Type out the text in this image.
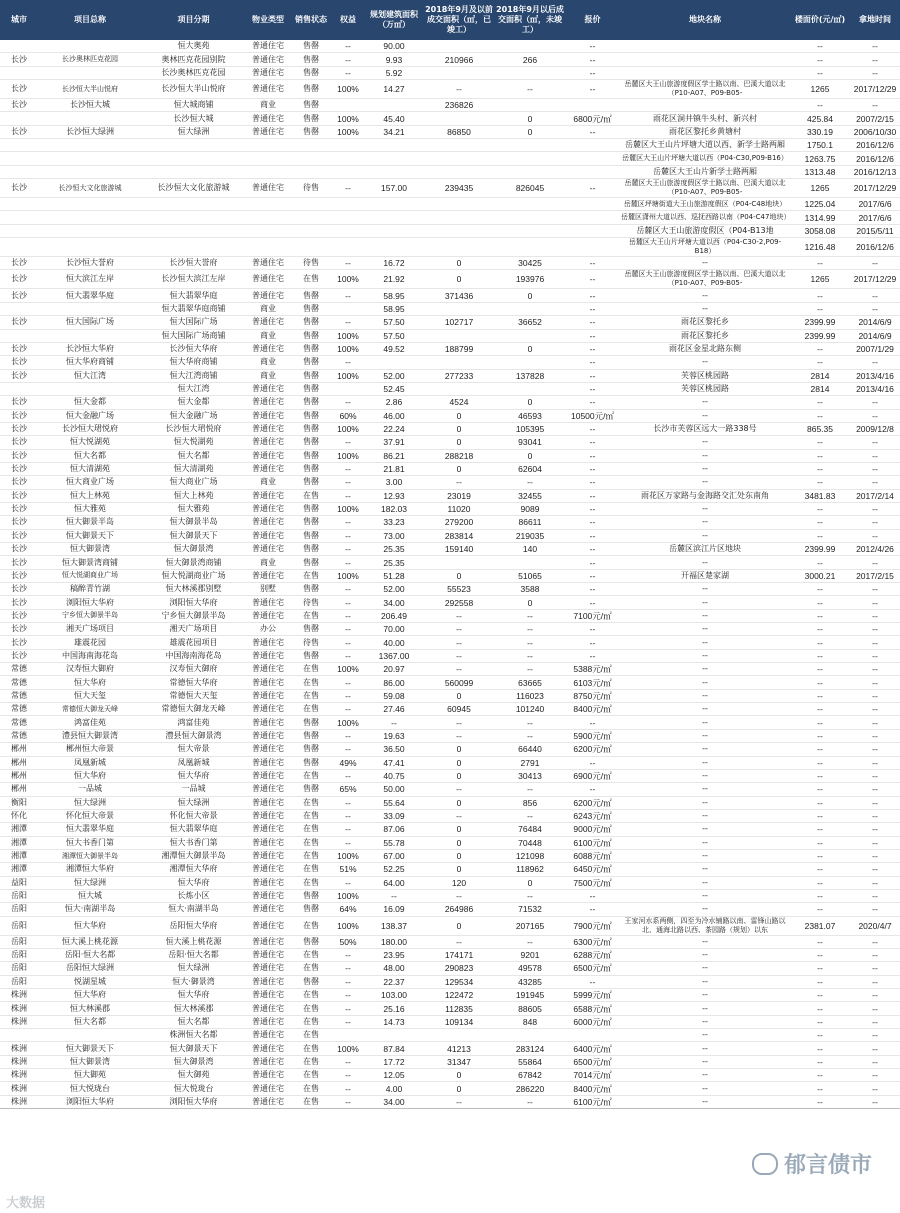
城市	项目总称	项目分期	物业类型	销售状态	权益	规划建筑面积（万㎡）	2018年9月及以前成交面积（㎡，已竣工）	2018年9月以后成交面积（㎡，未竣工）	报价	地块名称	楼面价(元/㎡)	拿地时间
		恒大奥苑	普通住宅	售罄	--	90.00			--		--	--
长沙	长沙奥林匹克花园	奥林匹克花园别院	普通住宅	售罄	--	9.93	210966	266	--		--	--
		长沙奥林匹克花园	普通住宅	售罄	--	5.92			--		--	--
长沙	长沙恒大半山悦府	长沙恒大半山悦府	普通住宅	售罄	100%	14.27	--	--	--	岳麓区大王山旅游度假区学士路以南、巴溪大道以北（P10-A07、P09-B05-	1265	2017/12/29
长沙	长沙恒大城	恒大城商铺	商业	售罄			236826				--	--
		长沙恒大城	普通住宅	售罄	100%	45.40		0	6800元/㎡	雨花区洞井镇牛头村、新兴村	425.84	2007/2/15
长沙	长沙恒大绿洲	恒大绿洲	普通住宅	售罄	100%	34.21	86850	0	--	雨花区黎托乡黄塘村	330.19	2006/10/30
										岳麓区大王山片坪塘大道以西、新学士路两厢	1750.1	2016/12/6
										岳麓区大王山片坪塘大道以西（P04-C30,P09-B16）	1263.75	2016/12/6
										岳麓区大王山片新学士路两厢	1313.48	2016/12/13
长沙	长沙恒大文化旅游城	长沙恒大文化旅游城	普通住宅	待售	--	157.00	239435	826045	--	岳麓区大王山旅游度假区学士路以南、巴溪大道以北（P10-A07、P09-B05-	1265	2017/12/29
										岳麓区坪塘街道大王山旅游度假区（P04-C48地块）	1225.04	2017/6/6
										岳麓区潇州大道以西、巡抚西路以南（P04-C47地块）	1314.99	2017/6/6
										岳麓区大王山旅游度假区（P04-B13地	3058.08	2015/5/11
										岳麓区大王山片坪塘大道以西（P04-C30-2,P09-B18）	1216.48	2016/12/6
长沙	长沙恒大誉府	长沙恒大誉府	普通住宅	待售	--	16.72	0	30425	--	--	--	--
长沙	恒大滨江左岸	长沙恒大滨江左岸	普通住宅	在售	100%	21.92	0	193976	--	岳麓区大王山旅游度假区学士路以南、巴溪大道以北（P10-A07、P09-B05-	1265	2017/12/29
长沙	恒大翡翠华庭	恒大翡翠华庭	普通住宅	售罄	--	58.95	371436	0	--	--	--	--
		恒大翡翠华庭商铺	商业	售罄		58.95			--	--	--	--
长沙	恒大国际广场	恒大国际广场	普通住宅	售罄	--	57.50	102717	36652	--	雨花区黎托乡	2399.99	2014/6/9
		恒大国际广场商铺	商业	售罄	100%	57.50			--	雨花区黎托乡	2399.99	2014/6/9
长沙	长沙恒大华府	长沙恒大华府	普通住宅	售罄	100%	49.52	188799	0	--	雨花区金星北路东侧	--	2007/1/29
长沙	恒大华府商铺	恒大华府商铺	商业	售罄	--				--	--	--	--
长沙	恒大江湾	恒大江湾商铺	商业	售罄	100%	52.00	277233	137828	--	芙蓉区桃园路	2814	2013/4/16
		恒大江湾	普通住宅	售罄		52.45			--	芙蓉区桃园路	2814	2013/4/16
长沙	恒大金都	恒大金都	普通住宅	售罄	--	2.86	4524	0	--	--	--	--
长沙	恒大金融广场	恒大金融广场	普通住宅	售罄	60%	46.00	0	46593	10500元/㎡	--	--	--
长沙	长沙恒大珺悦府	长沙恒大珺悦府	普通住宅	售罄	100%	22.24	0	105395	--	长沙市芙蓉区远大一路338号	865.35	2009/12/8
长沙	恒大悦湖苑	恒大悦湖苑	普通住宅	售罄	--	37.91	0	93041	--	--	--	--
长沙	恒大名都	恒大名都	普通住宅	售罄	100%	86.21	288218	0	--	--	--	--
长沙	恒大清湖苑	恒大清湖苑	普通住宅	售罄	--	21.81	0	62604	--	--	--	--
长沙	恒大商业广场	恒大商业广场	商业	售罄	--	3.00	--	--	--	--	--	--
长沙	恒大上林苑	恒大上林苑	普通住宅	在售	--	12.93	23019	32455	--	雨花区万家路与金海路交汇处东南角	3481.83	2017/2/14
长沙	恒大雅苑	恒大雅苑	普通住宅	售罄	100%	182.03	11020	9089	--	--	--	--
长沙	恒大御景半岛	恒大御景半岛	普通住宅	售罄	--	33.23	279200	86611	--	--	--	--
长沙	恒大御景天下	恒大御景天下	普通住宅	售罄	--	73.00	283814	219035	--	--	--	--
长沙	恒大御景湾	恒大御景湾	普通住宅	售罄	--	25.35	159140	140	--	岳麓区滨江片区地块	2399.99	2012/4/26
长沙	恒大御景湾商铺	恒大御景湾商铺	商业	售罄	--	25.35			--	--	--	--
长沙	恒大悦湖商业广场	恒大悦湖商业广场	普通住宅	在售	100%	51.28	0	51065	--	开福区楚家湖	3000.21	2017/2/15
长沙	稿醉青竹湖	恒大林溪郡别墅	别墅	售罄	--	52.00	55523	3588	--	--	--	--
长沙	浏阳恒大华府	浏阳恒大华府	普通住宅	待售	--	34.00	292558	0	--	--	--	--
长沙	宁乡恒大御景半岛	宁乡恒大御景半岛	普通住宅	在售	--	206.49	--	--	7100元/㎡	--	--	--
长沙	湘天广场项目	湘天广场项目	办公	售罄	--	70.00	--	--	--	--	--	--
长沙	雄震花园	雄震花园项目	普通住宅	待售	--	40.00	--	--	--	--	--	--
长沙	中国海南海花岛	中国海南海花岛	普通住宅	售罄	--	1367.00	--	--	--	--	--	--
常德	汉寿恒大御府	汉寿恒大御府	普通住宅	在售	100%	20.97	--	--	5388元/㎡	--	--	--
常德	恒大华府	常德恒大华府	普通住宅	在售	--	86.00	560099	63665	6103元/㎡	--	--	--
常德	恒大天玺	常德恒大天玺	普通住宅	在售	--	59.08	0	116023	8750元/㎡	--	--	--
常德	常德恒大御龙天峰	常德恒大御龙天峰	普通住宅	在售	--	27.46	60945	101240	8400元/㎡	--	--	--
常德	鸿富佳苑	鸿富佳苑	普通住宅	售罄	100%	--	--	--	--	--	--	--
常德	澧县恒大御景湾	澧县恒大御景湾	普通住宅	售罄	--	19.63	--	--	5900元/㎡	--	--	--
郴州	郴州恒大帝景	恒大帝景	普通住宅	售罄	--	36.50	0	66440	6200元/㎡	--	--	--
郴州	凤凰新城	凤凰新城	普通住宅	售罄	49%	47.41	0	2791	--	--	--	--
郴州	恒大华府	恒大华府	普通住宅	在售	--	40.75	0	30413	6900元/㎡	--	--	--
郴州	一品城	一品城	普通住宅	售罄	65%	50.00	--	--	--	--	--	--
衡阳	恒大绿洲	恒大绿洲	普通住宅	在售	--	55.64	0	856	6200元/㎡	--	--	--
怀化	怀化恒大帝景	怀化恒大帝景	普通住宅	在售	--	33.09	--	--	6243元/㎡	--	--	--
湘潭	恒大翡翠华庭	恒大翡翠华庭	普通住宅	在售	--	87.06	0	76484	9000元/㎡	--	--	--
湘潭	恒大书香门第	恒大书香门第	普通住宅	在售	--	55.78	0	70448	6100元/㎡	--	--	--
湘潭	湘潭恒大御景半岛	湘潭恒大御景半岛	普通住宅	在售	100%	67.00	0	121098	6088元/㎡	--	--	--
湘潭	湘潭恒大华府	湘潭恒大华府	普通住宅	在售	51%	52.25	0	118962	6450元/㎡	--	--	--
益阳	恒大绿洲	恒大华府	普通住宅	在售	--	64.00	120	0	7500元/㎡	--	--	--
岳阳	恒大城	长炼小区	普通住宅	售罄	100%	--	--	--	--	--	--	--
岳阳	恒大·南湖半岛	恒大·南湖半岛	普通住宅	售罄	64%	16.09	264986	71532	--	--	--	--
岳阳	恒大华府	岳阳恒大华府	普通住宅	在售	100%	138.37	0	207165	7900元/㎡	王家河水系两侧，四至为冷水铺路以南、雷锋山路以北、通海北路以西、茶园路（规划）以东	2381.07	2020/4/7
岳阳	恒大溪上桃花源	恒大溪上桃花源	普通住宅	售罄	50%	180.00	--	--	6300元/㎡	--	--	--
岳阳	岳阳·恒大名都	岳阳·恒大名都	普通住宅	在售	--	23.95	174171	9201	6288元/㎡	--	--	--
岳阳	岳阳恒大绿洲	恒大绿洲	普通住宅	在售	--	48.00	290823	49578	6500元/㎡	--	--	--
岳阳	悦湖星城	恒大·御景湾	普通住宅	售罄	--	22.37	129534	43285	--	--	--	--
株洲	恒大华府	恒大华府	普通住宅	在售	--	103.00	122472	191945	5999元/㎡	--	--	--
株洲	恒大林溪郡	恒大林溪郡	普通住宅	在售	--	25.16	112835	88605	6588元/㎡	--	--	--
株洲	恒大名都	恒大名都	普通住宅	在售	--	14.73	109134	848	6000元/㎡	--	--	--
		株洲恒大名都	普通住宅	在售						--	--	--
株洲	恒大御景天下	恒大御景天下	普通住宅	在售	100%	87.84	41213	283124	6400元/㎡	--	--	--
株洲	恒大御景湾	恒大御景湾	普通住宅	在售	--	17.72	31347	55864	6500元/㎡	--	--	--
株洲	恒大御苑	恒大御苑	普通住宅	在售	--	12.05	0	67842	7014元/㎡	--	--	--
株洲	恒大悦珑台	恒大悦珑台	普通住宅	在售	--	4.00	0	286220	8400元/㎡	--	--	--
株洲	浏阳恒大华府	浏阳恒大华府	普通住宅	在售	--	34.00	--	--	6100元/㎡	--	--	--
郁言债市
大数据
